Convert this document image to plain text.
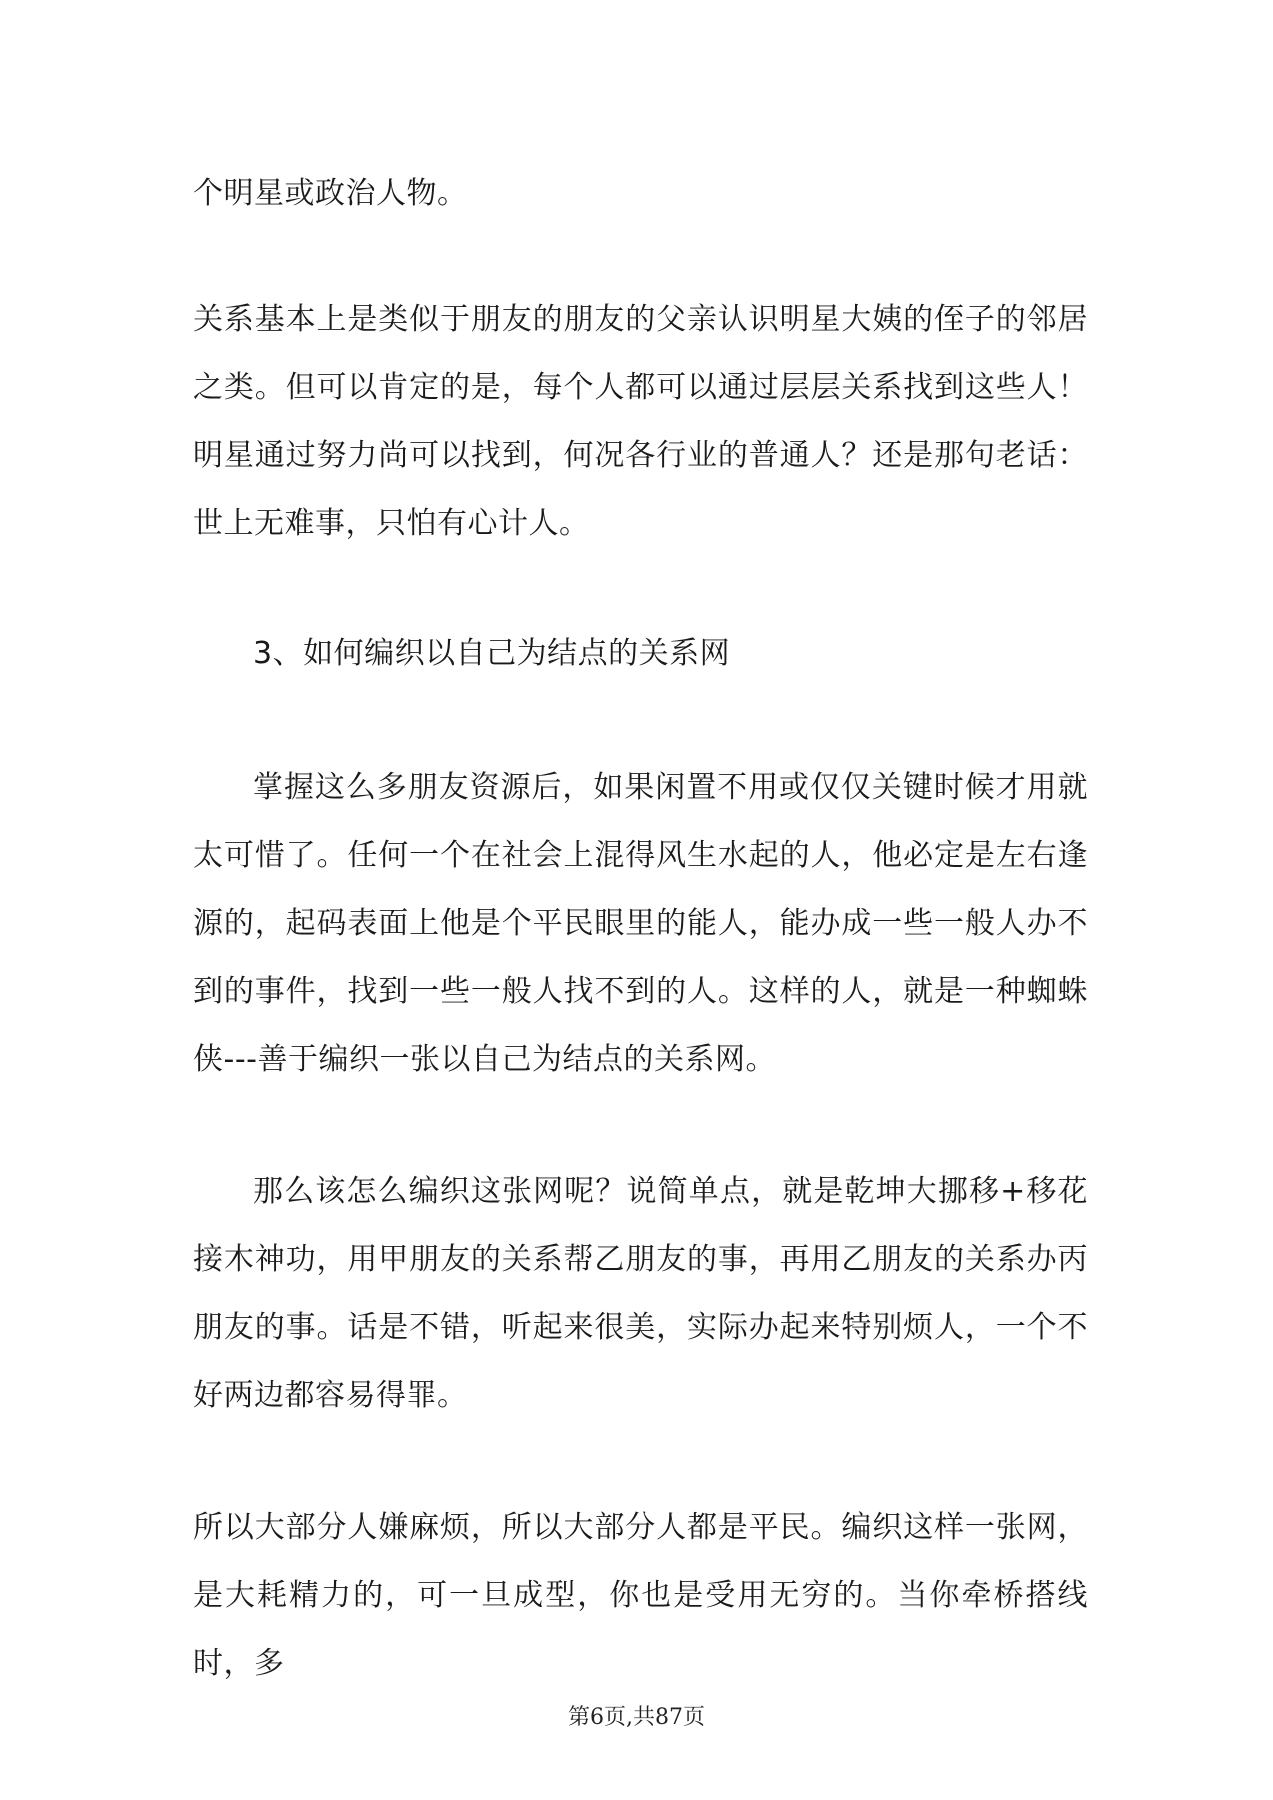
个明星或政治人物。

关系基本上是类似于朋友的朋友的父亲认识明星大姨的侄子的邻居之类。但可以肯定的是，每个人都可以通过层层关系找到这些人！明星通过努力尚可以找到，何况各行业的普通人？还是那句老话：世上无难事，只怕有心计人。

3、如何编织以自己为结点的关系网

掌握这么多朋友资源后，如果闲置不用或仅仅关键时候才用就太可惜了。任何一个在社会上混得风生水起的人，他必定是左右逢源的，起码表面上他是个平民眼里的能人，能办成一些一般人办不到的事件，找到一些一般人找不到的人。这样的人，就是一种蜘蛛侠---善于编织一张以自己为结点的关系网。

那么该怎么编织这张网呢？说简单点，就是乾坤大挪移+移花接木神功，用甲朋友的关系帮乙朋友的事，再用乙朋友的关系办丙朋友的事。话是不错，听起来很美，实际办起来特别烦人，一个不好两边都容易得罪。

所以大部分人嫌麻烦，所以大部分人都是平民。编织这样一张网，是大耗精力的，可一旦成型，你也是受用无穷的。当你牵桥搭线时，多

第6页,共87页
